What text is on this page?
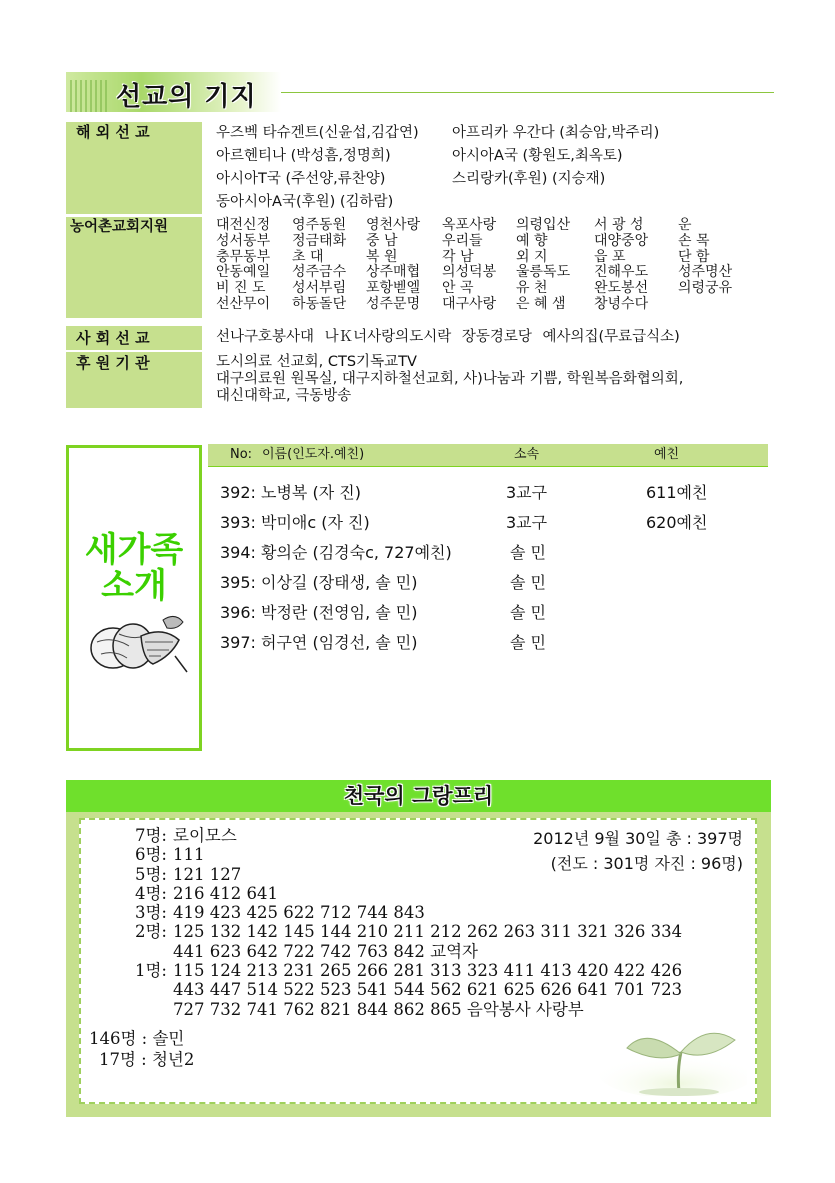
선교의 기지
해 외 선 교	우즈벡 타슈겐트(신윤섭,김갑연)
아르헨티나 (박성흠,정명희)
아시아T국 (주선양,류찬양)
동아시아A국(후원) (김하람)
아프리카 우간다 (최승암,박주리)
아시아A국 (황원도,최옥토)
스리랑카(후원) (지승재)
농어촌교회지원	대전신정	영주동원	영천사랑	옥포사랑	의령입산	서 광 성	운
성서동부	정금태화	중 남	우리들	예 향	대양중앙	손 목
충무동부	초 대	복 원	각 남	외 지	읍 포	단 함
안동예일	성주금수	상주매협	의성덕봉	울릉독도	진해우도	성주명산
비 진 도	성서부림	포항벧엘	안 곡	유 천	완도봉선	의령궁유
선산무이	하동돌단	성주문명	대구사랑	은 혜 샘	창녕수다
사 회 선 교	선나구호봉사대 나Ｋ너사랑의도시락 장동경로당 예사의집(무료급식소)
후 원 기 관	도시의료 선교회, CTS기독교TV
대구의료원 원목실, 대구지하철선교회, 사)나눔과 기쁨, 학원복음화협의회,
대신대학교, 극동방송
새가족
소개
No: 이름(인도자.예친)	소속	예친
392: 노병복 (자 진)	3교구	611예친
393: 박미애c (자 진)	3교구	620예친
394: 황의순 (김경숙c, 727예친)	솔 민
395: 이상길 (장태생, 솔 민)	솔 민
396: 박정란 (전영임, 솔 민)	솔 민
397: 허구연 (임경선, 솔 민)	솔 민
천국의 그랑프리
2012년 9월 30일 총 : 397명
(전도 : 301명 자진 : 96명)
7명: 로이모스
6명: 111
5명: 121 127
4명: 216 412 641
3명: 419 423 425 622 712 744 843
2명: 125 132 142 145 144 210 211 212 262 263 311 321 326 334
441 623 642 722 742 763 842 교역자
1명: 115 124 213 231 265 266 281 313 323 411 413 420 422 426
443 447 514 522 523 541 544 562 621 625 626 641 701 723
727 732 741 762 821 844 862 865 음악봉사 사랑부
146명 : 솔민
17명 : 청년2
